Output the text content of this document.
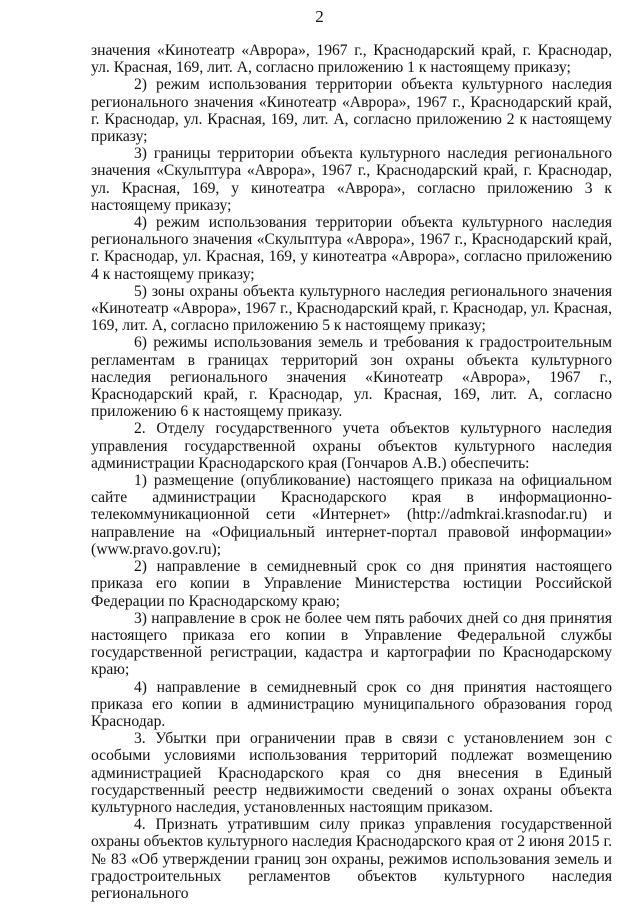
2

значения «Кинотеатр «Аврора», 1967 г., Краснодарский край, г. Краснодар, ул. Красная, 169, лит. А, согласно приложению 1 к настоящему приказу;

2) режим использования территории объекта культурного наследия регионального значения «Кинотеатр «Аврора», 1967 г., Краснодарский край, г. Краснодар, ул. Красная, 169, лит. А, согласно приложению 2 к настоящему приказу;

3) границы территории объекта культурного наследия регионального значения «Скульптура «Аврора», 1967 г., Краснодарский край, г. Краснодар, ул. Красная, 169, у кинотеатра «Аврора», согласно приложению 3 к настоящему приказу;

4) режим использования территории объекта культурного наследия регионального значения «Скульптура «Аврора», 1967 г., Краснодарский край, г. Краснодар, ул. Красная, 169, у кинотеатра «Аврора», согласно приложению 4 к настоящему приказу;

5) зоны охраны объекта культурного наследия регионального значения «Кинотеатр «Аврора», 1967 г., Краснодарский край, г. Краснодар, ул. Красная, 169, лит. А, согласно приложению 5 к настоящему приказу;

6) режимы использования земель и требования к градостроительным регламентам в границах территорий зон охраны объекта культурного наследия регионального значения «Кинотеатр «Аврора», 1967 г., Краснодарский край, г. Краснодар, ул. Красная, 169, лит. А, согласно приложению 6 к настоящему приказу.

2. Отделу государственного учета объектов культурного наследия управления государственной охраны объектов культурного наследия администрации Краснодарского края (Гончаров А.В.) обеспечить:

1) размещение (опубликование) настоящего приказа на официальном сайте администрации Краснодарского края в информационно-телекоммуникационной сети «Интернет» (http://admkrai.krasnodar.ru) и направление на «Официальный интернет-портал правовой информации» (www.pravo.gov.ru);

2) направление в семидневный срок со дня принятия настоящего приказа его копии в Управление Министерства юстиции Российской Федерации по Краснодарскому краю;

3) направление в срок не более чем пять рабочих дней со дня принятия настоящего приказа его копии в Управление Федеральной службы государственной регистрации, кадастра и картографии по Краснодарскому краю;

4) направление в семидневный срок со дня принятия настоящего приказа его копии в администрацию муниципального образования город Краснодар.

3. Убытки при ограничении прав в связи с установлением зон с особыми условиями использования территорий подлежат возмещению администрацией Краснодарского края со дня внесения в Единый государственный реестр недвижимости сведений о зонах охраны объекта культурного наследия, установленных настоящим приказом.

4. Признать утратившим силу приказ управления государственной охраны объектов культурного наследия Краснодарского края от 2 июня 2015 г. № 83 «Об утверждении границ зон охраны, режимов использования земель и градостроительных регламентов объектов культурного наследия регионального
